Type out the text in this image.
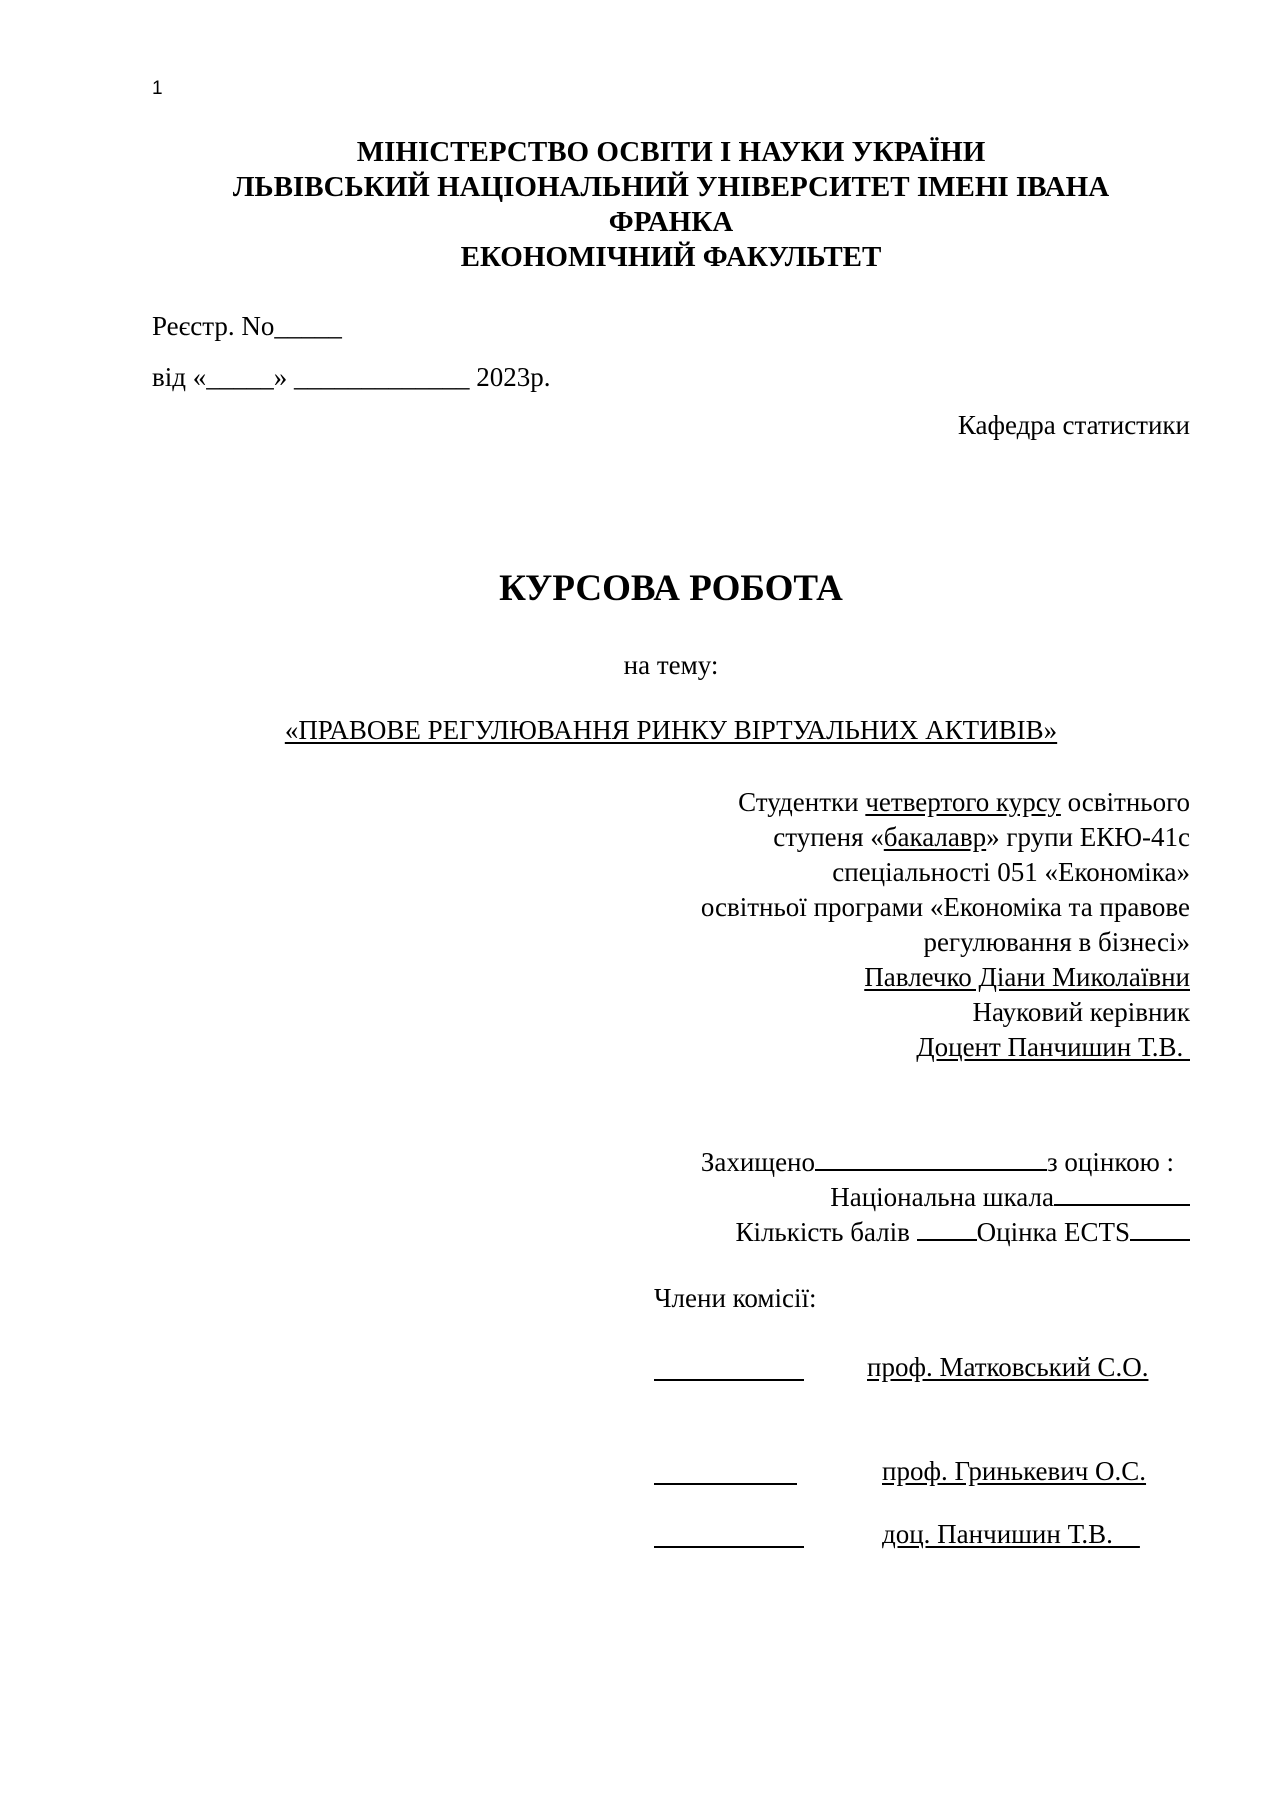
1
МІНІСТЕРСТВО ОСВІТИ І НАУКИ УКРАЇНИ
ЛЬВІВСЬКИЙ НАЦІОНАЛЬНИЙ УНІВЕРСИТЕТ ІМЕНІ ІВАНА
ФРАНКА
ЕКОНОМІЧНИЙ ФАКУЛЬТЕТ
Реєстр. No_____
від «_____» _____________ 2023р.
Кафедра статистики
КУРСОВА РОБОТА
на тему:
«ПРАВОВЕ РЕГУЛЮВАННЯ РИНКУ ВІРТУАЛЬНИХ АКТИВІВ»
Студентки четвертого курсу освітнього
ступеня «бакалавр» групи ЕКЮ-41с
спеціальності 051 «Економіка»
освітньої програми «Економіка та правове
регулювання в бізнесі»
Павлечко Діани Миколаївни
Науковий керівник
Доцент Панчишин Т.В.
Захищено	з оцінкою :
Національна шкала
Кількість балів Оцінка ECTS
Члени комісії:
проф. Матковський С.О.
проф. Гринькевич О.С.
доц. Панчишин Т.В.
